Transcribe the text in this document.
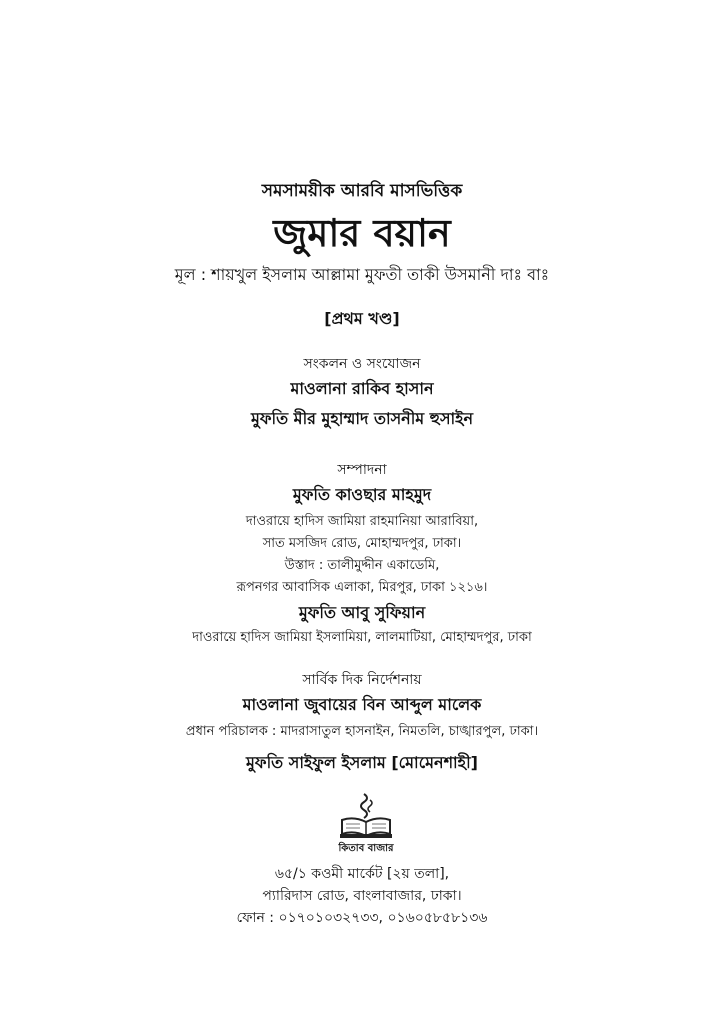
সমসাময়ীক আরবি মাসভিত্তিক
জুমার বয়ান
মূল : শায়খুল ইসলাম আল্লামা মুফতী তাকী উসমানী দাঃ বাঃ
[প্রথম খণ্ড]
সংকলন ও সংযোজন
মাওলানা রাকিব হাসান
মুফতি মীর মুহাম্মাদ তাসনীম হুসাইন
সম্পাদনা
মুফতি কাওছার মাহমুদ
দাওরায়ে হাদিস জামিয়া রাহমানিয়া আরাবিয়া,
সাত মসজিদ রোড, মোহাম্মদপুর, ঢাকা।
উস্তাদ : তালীমুদ্দীন একাডেমি,
রূপনগর আবাসিক এলাকা, মিরপুর, ঢাকা ১২১৬।
মুফতি আবু সুফিয়ান
দাওরায়ে হাদিস জামিয়া ইসলামিয়া, লালমাটিয়া, মোহাম্মদপুর, ঢাকা
সার্বিক দিক নির্দেশনায়
মাওলানা জুবায়ের বিন আব্দুল মালেক
প্রধান পরিচালক : মাদরাসাতুল হাসনাইন, নিমতলি, চাঙ্খারপুল, ঢাকা।
মুফতি সাইফুল ইসলাম [মোমেনশাহী]
কিতাব বাজার
৬৫/১ কওমী মার্কেট [২য় তলা],
প্যারিদাস রোড, বাংলাবাজার, ঢাকা।
ফোন : ০১৭০১০৩২৭৩৩, ০১৬০৫৮৫৮১৩৬
